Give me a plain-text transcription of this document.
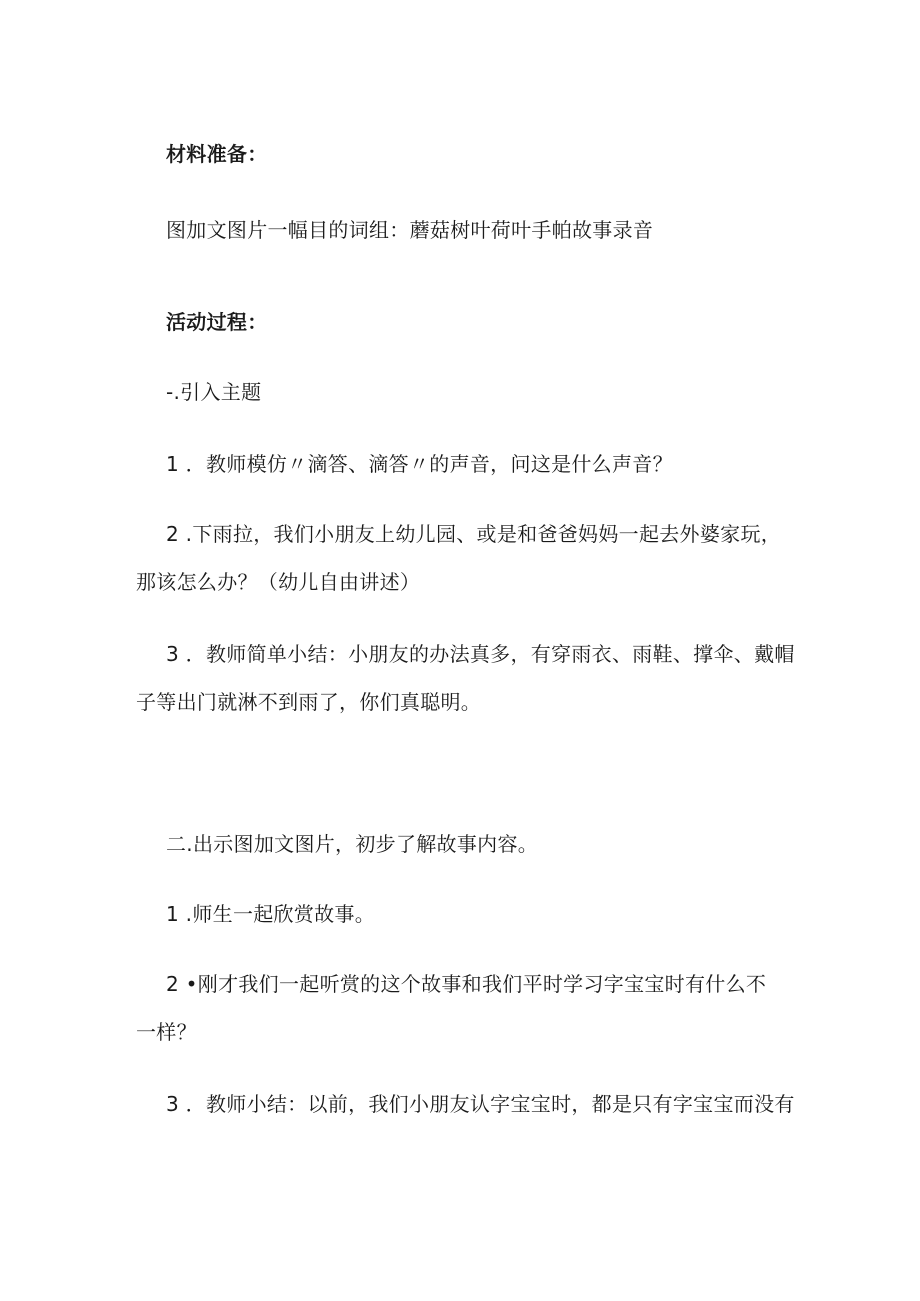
材料准备：
图加文图片一幅目的词组：蘑菇树叶荷叶手帕故事录音
活动过程：
-.引入主题
1 ．教师模仿〃滴答、滴答〃的声音，问这是什么声音？
2 .下雨拉，我们小朋友上幼儿园、或是和爸爸妈妈一起去外婆家玩，
那该怎么办？（幼儿自由讲述）
3 ．教师简单小结：小朋友的办法真多，有穿雨衣、雨鞋、撑伞、戴帽
子等出门就淋不到雨了，你们真聪明。
二.出示图加文图片，初步了解故事内容。
1 .师生一起欣赏故事。
2 •刚才我们一起听赏的这个故事和我们平时学习字宝宝时有什么不
一样？
3 ．教师小结：以前，我们小朋友认字宝宝时，都是只有字宝宝而没有
